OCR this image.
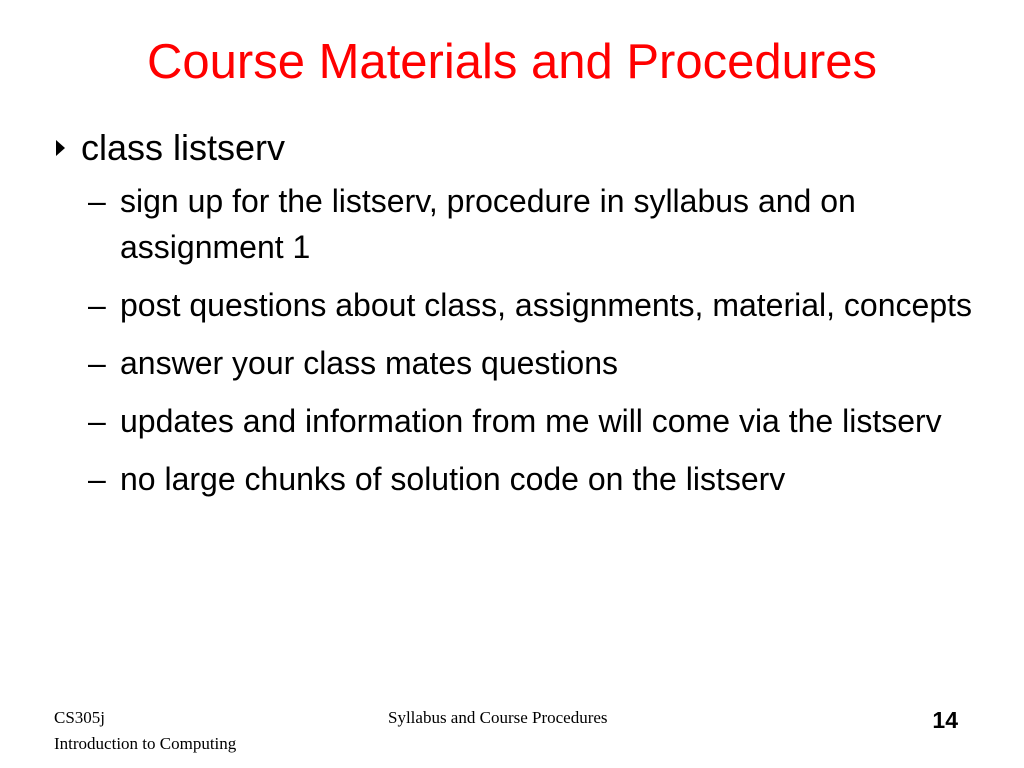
Course Materials and Procedures
class listserv
– sign up for the listserv, procedure in syllabus and on assignment 1
– post questions about class, assignments, material, concepts
– answer your class mates questions
– updates and information from me will come via the listserv
– no large chunks of solution code on the listserv
CS305j
Introduction to Computing
Syllabus and Course Procedures	14
